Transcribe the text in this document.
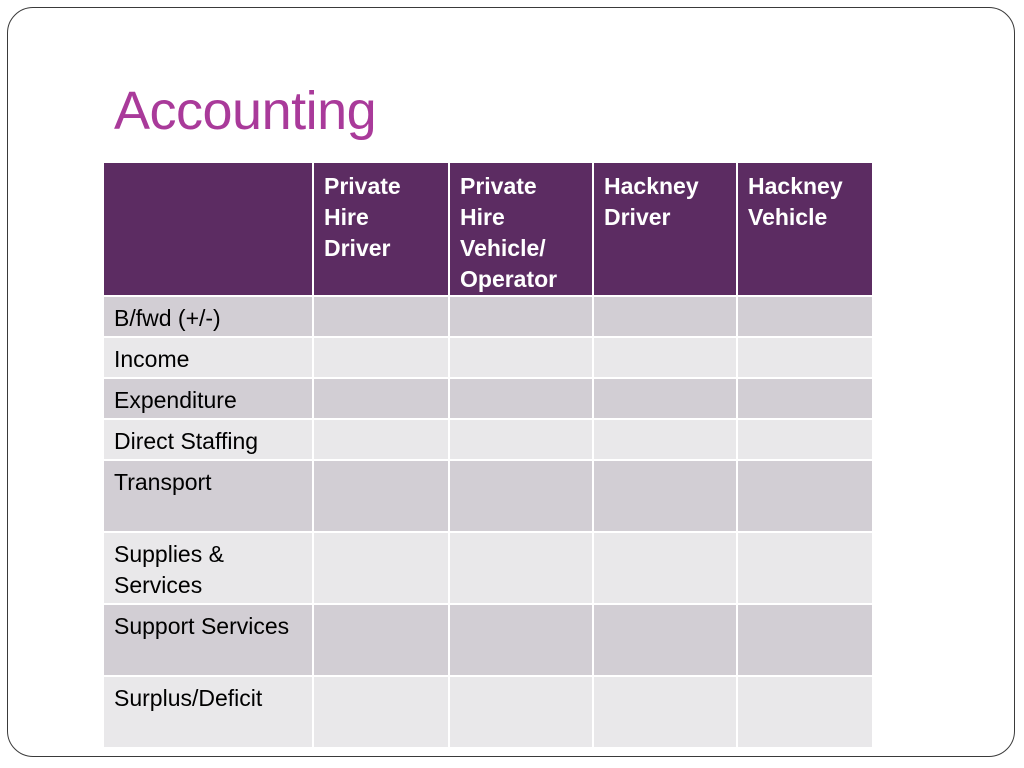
Accounting
	Private Hire Driver	Private Hire Vehicle/ Operator	Hackney Driver	Hackney Vehicle
B/fwd (+/-)				
Income				
Expenditure				
Direct Staffing				
Transport				
Supplies & Services				
Support Services				
Surplus/Deficit				
